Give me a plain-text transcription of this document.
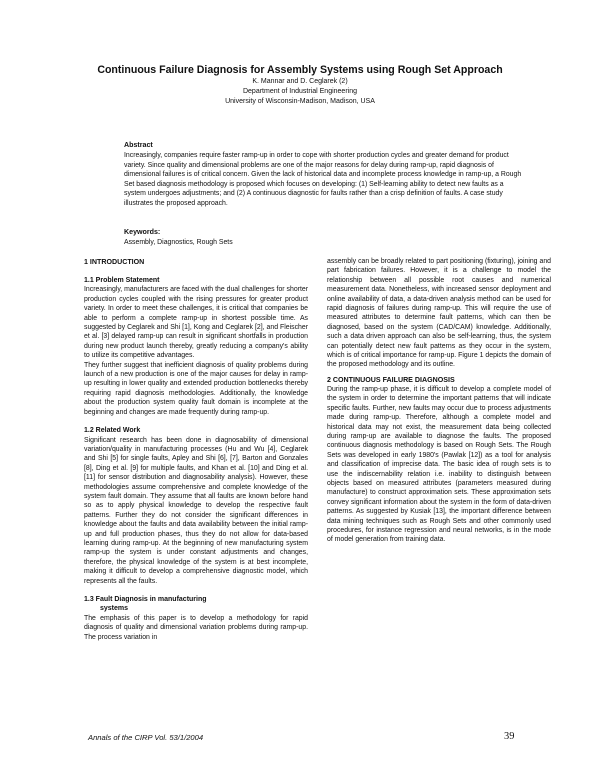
Continuous Failure Diagnosis for Assembly Systems using Rough Set Approach

K. Mannar and D. Ceglarek (2)

Department of Industrial Engineering

University of Wisconsin-Madison, Madison, USA

Abstract

Increasingly, companies require faster ramp-up in order to cope with shorter production cycles and greater demand for product variety. Since quality and dimensional problems are one of the major reasons for delay during ramp-up, rapid diagnosis of dimensional failures is of critical concern. Given the lack of historical data and incomplete process knowledge in ramp-up, a Rough Set based diagnosis methodology is proposed which focuses on developing: (1) Self-learning ability to detect new faults as a system undergoes adjustments; and (2) A continuous diagnostic for faults rather than a crisp definition of faults. A case study illustrates the proposed approach.

Keywords:

Assembly, Diagnostics, Rough Sets

1 INTRODUCTION
1.1 Problem Statement

Increasingly, manufacturers are faced with the dual challenges for shorter production cycles coupled with the rising pressures for greater product variety. In order to meet these challenges, it is critical that companies be able to perform a complete ramp-up in shortest possible time. As suggested by Ceglarek and Shi [1], Kong and Ceglarek [2], and Fleischer et al. [3] delayed ramp-up can result in significant shortfalls in production during new product launch thereby, greatly reducing a company's ability to utilize its competitive advantages.

They further suggest that inefficient diagnosis of quality problems during launch of a new production is one of the major causes for delay in ramp-up resulting in lower quality and extended production bottlenecks thereby requiring rapid diagnosis methodologies. Additionally, the knowledge about the production system quality fault domain is incomplete at the beginning and changes are made frequently during ramp-up.

1.2 Related Work

Significant research has been done in diagnosability of dimensional variation/quality in manufacturing processes (Hu and Wu [4], Ceglarek and Shi [5] for single faults, Apley and Shi [6], [7], Barton and Gonzales [8], Ding et al. [9] for multiple faults, and Khan et al. [10] and Ding et al. [11] for sensor distribution and diagnosability analysis). However, these methodologies assume comprehensive and complete knowledge of the system fault domain. They assume that all faults are known before hand so as to apply physical knowledge to develop the respective fault patterns. Further they do not consider the significant differences in knowledge about the faults and data availability between the initial ramp-up and full production phases, thus they do not allow for data-based learning during ramp-up. At the beginning of new manufacturing system ramp-up the system is under constant adjustments and changes, therefore, the physical knowledge of the system is at best incomplete, making it difficult to develop a comprehensive diagnostic model, which represents all the faults.

1.3 Fault Diagnosis in manufacturing
systems

The emphasis of this paper is to develop a methodology for rapid diagnosis of quality and dimensional variation problems during ramp-up. The process variation in

assembly can be broadly related to part positioning (fixturing), joining and part fabrication failures. However, it is a challenge to model the relationship between all possible root causes and numerical measurement data. Nonetheless, with increased sensor deployment and online availability of data, a data-driven analysis method can be used for rapid diagnosis of failures during ramp-up. This will require the use of measured attributes to determine fault patterns, which can then be diagnosed, based on the system (CAD/CAM) knowledge. Additionally, such a data driven approach can also be self-learning, thus, the system can potentially detect new fault patterns as they occur in the system, which is of critical importance for ramp-up. Figure 1 depicts the domain of the proposed methodology and its outline.

2 CONTINUOUS FAILURE DIAGNOSIS

During the ramp-up phase, it is difficult to develop a complete model of the system in order to determine the important patterns that will indicate specific faults. Further, new faults may occur due to process adjustments made during ramp-up. Therefore, although a complete model and historical data may not exist, the measurement data being collected during ramp-up are available to diagnose the faults. The proposed continuous diagnosis methodology is based on Rough Sets. The Rough Sets was developed in early 1980's (Pawlak [12]) as a tool for analysis and classification of imprecise data. The basic idea of rough sets is to use the indiscernability relation i.e. inability to distinguish between objects based on measured attributes (parameters measured during manufacture) to construct approximation sets. These approximation sets convey significant information about the system in the form of data-driven patterns. As suggested by Kusiak [13], the important difference between data mining techniques such as Rough Sets and other commonly used procedures, for instance regression and neural networks, is in the mode of model generation from training data.

Annals of the CIRP Vol. 53/1/2004	39
